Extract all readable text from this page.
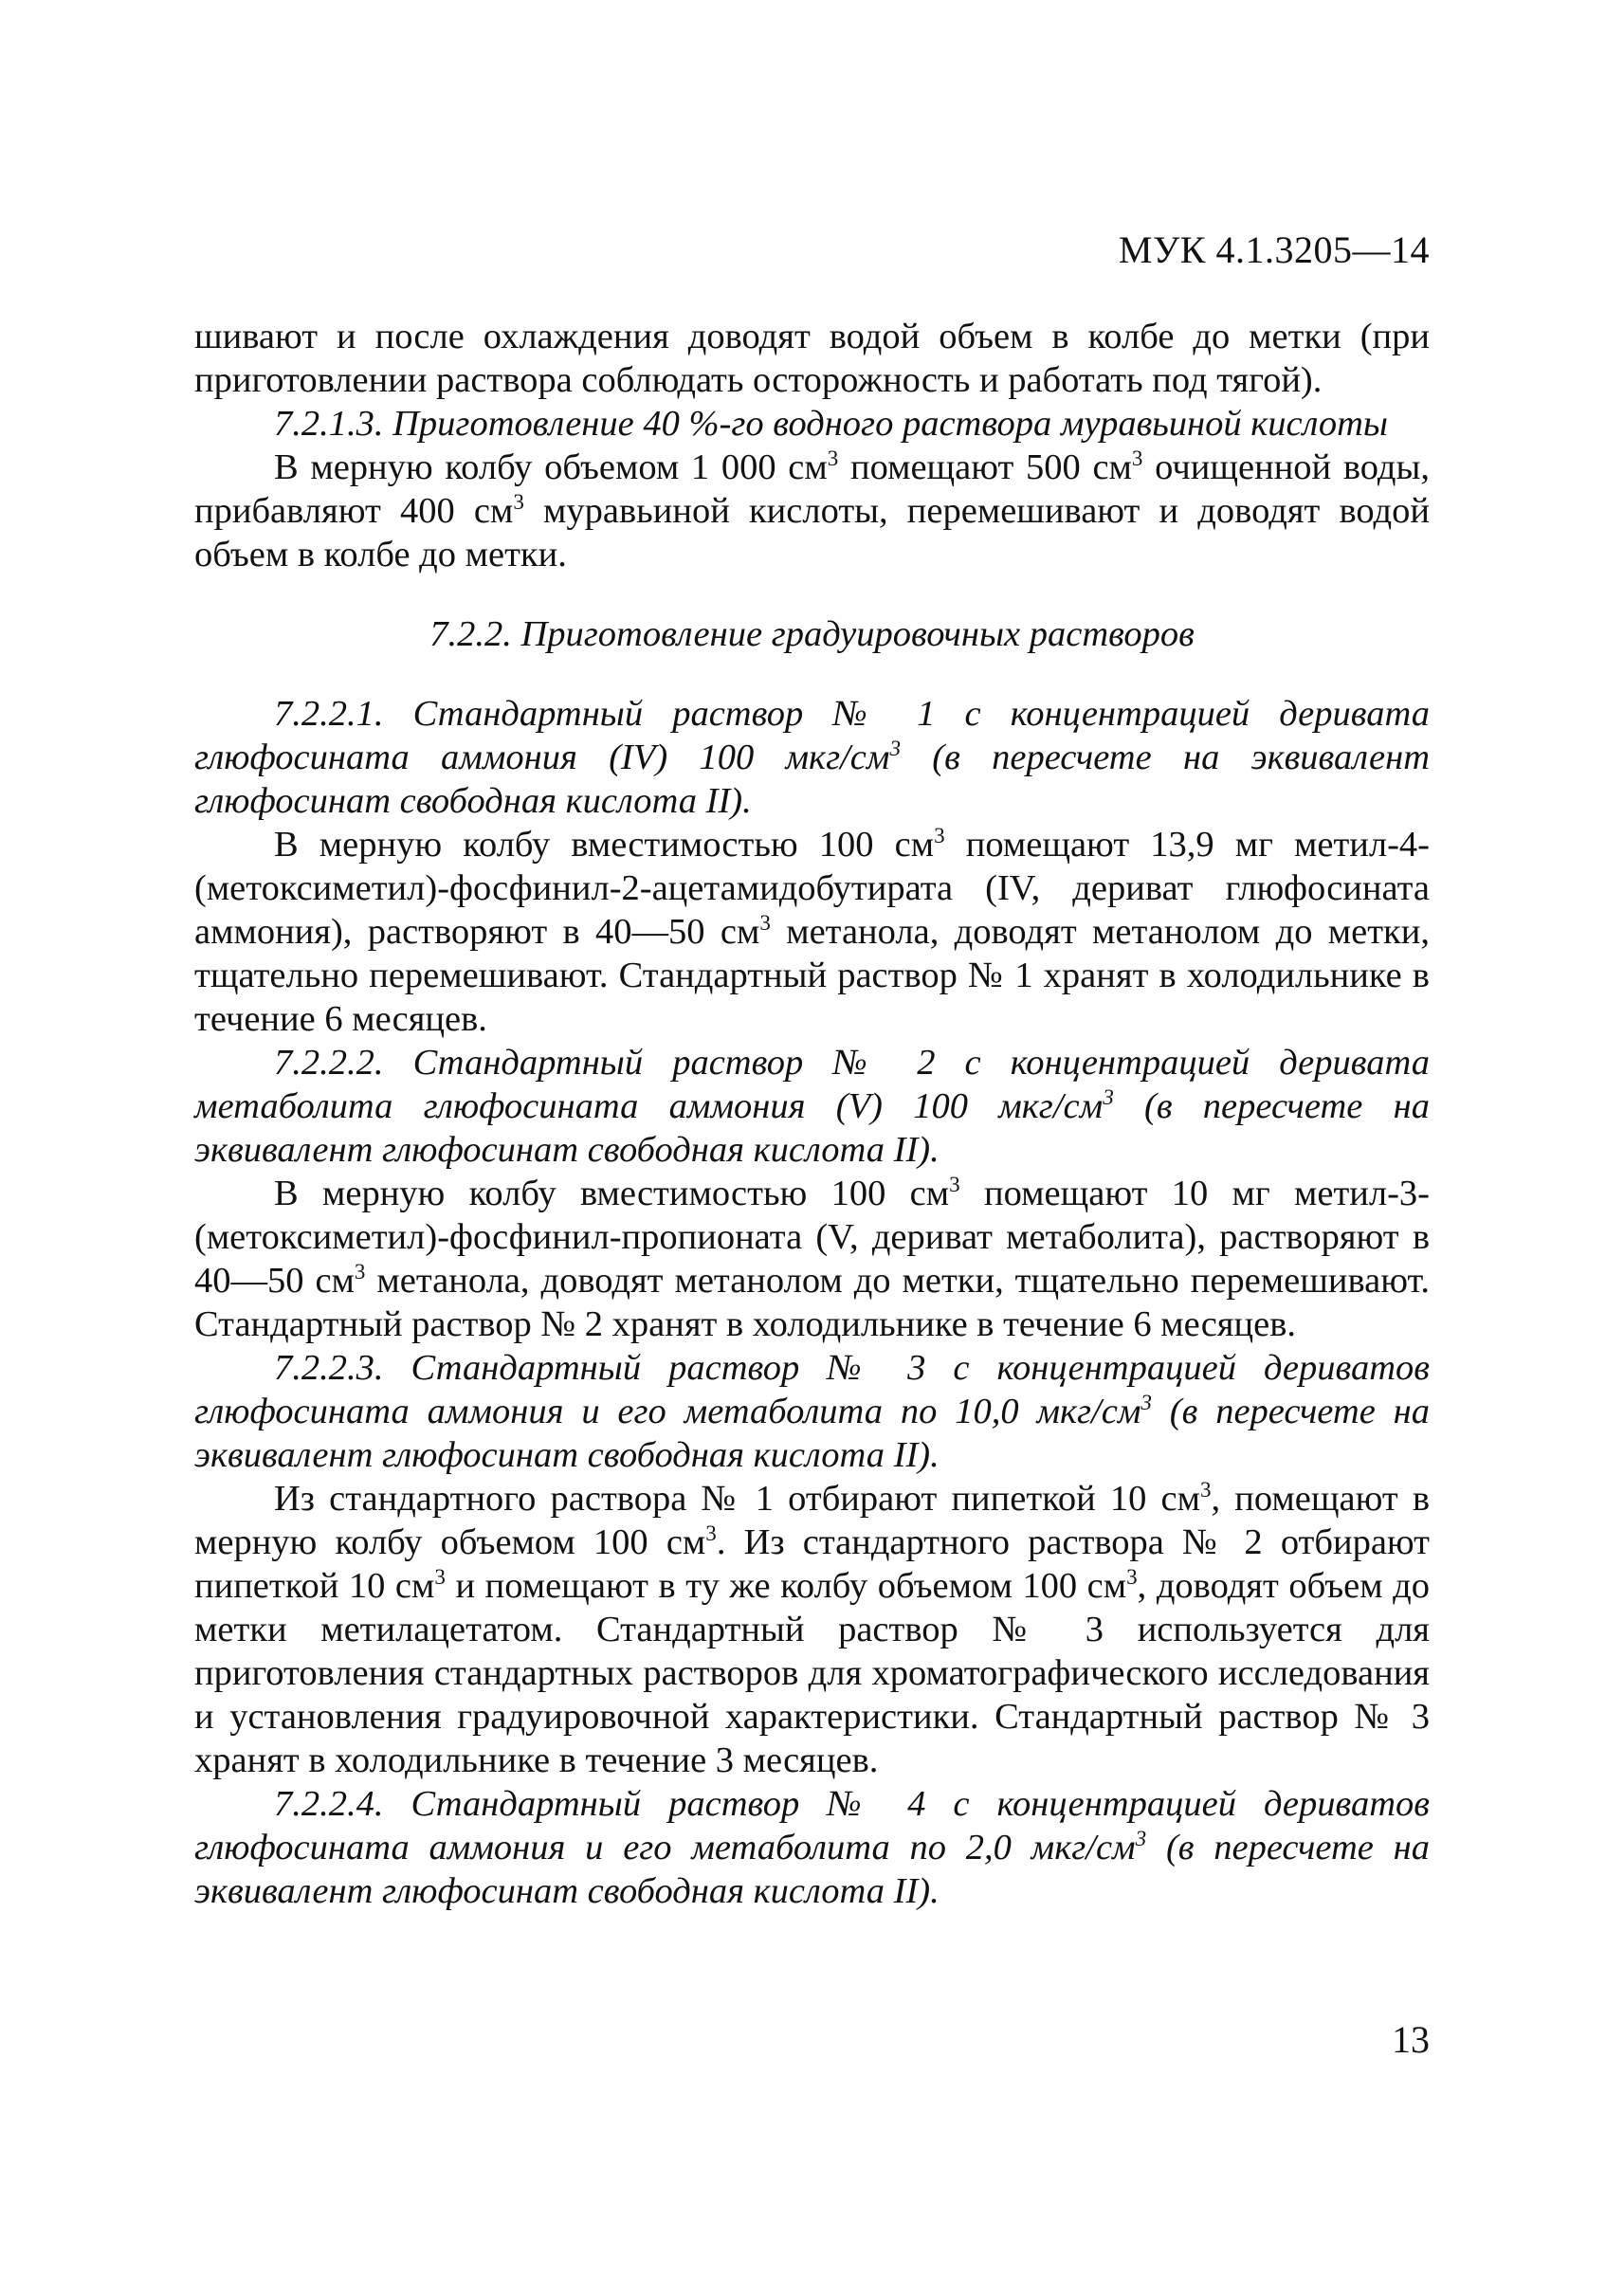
МУК 4.1.3205—14

шивают и после охлаждения доводят водой объем в колбе до метки (при приготовлении раствора соблюдать осторожность и работать под тягой).

7.2.1.3. Приготовление 40 %-го водного раствора муравьиной кислоты

В мерную колбу объемом 1 000 $см^3$ помещают 500 $см^3$ очищенной воды, прибавляют 400 $см^3$ муравьиной кислоты, перемешивают и доводят водой объем в колбе до метки.

7.2.2. Приготовление градуировочных растворов

7.2.2.1. Стандартный раствор № 1 с концентрацией деривата глюфосината аммония (IV) 100 мкг/$см^3$ (в пересчете на эквивалент глюфосинат свободная кислота II).

В мерную колбу вместимостью 100 $см^3$ помещают 13,9 мг метил-4-(метоксиметил)-фосфинил-2-ацетамидобутирата (IV, дериват глюфосината аммония), растворяют в 40—50 $см^3$ метанола, доводят метанолом до метки, тщательно перемешивают. Стандартный раствор № 1 хранят в холодильнике в течение 6 месяцев.

7.2.2.2. Стандартный раствор № 2 с концентрацией деривата метаболита глюфосината аммония (V) 100 мкг/$см^3$ (в пересчете на эквивалент глюфосинат свободная кислота II).

В мерную колбу вместимостью 100 $см^3$ помещают 10 мг метил-3-(метоксиметил)-фосфинил-пропионата (V, дериват метаболита), растворяют в 40—50 $см^3$ метанола, доводят метанолом до метки, тщательно перемешивают. Стандартный раствор № 2 хранят в холодильнике в течение 6 месяцев.

7.2.2.3. Стандартный раствор № 3 с концентрацией дериватов глюфосината аммония и его метаболита по 10,0 мкг/$см^3$ (в пересчете на эквивалент глюфосинат свободная кислота II).

Из стандартного раствора № 1 отбирают пипеткой 10 $см^3$, помещают в мерную колбу объемом 100 $см^3$. Из стандартного раствора № 2 отбирают пипеткой 10 $см^3$ и помещают в ту же колбу объемом 100 $см^3$, доводят объем до метки метилацетатом. Стандартный раствор № 3 используется для приготовления стандартных растворов для хроматографического исследования и установления градуировочной характеристики. Стандартный раствор № 3 хранят в холодильнике в течение 3 месяцев.

7.2.2.4. Стандартный раствор № 4 с концентрацией дериватов глюфосината аммония и его метаболита по 2,0 мкг/$см^3$ (в пересчете на эквивалент глюфосинат свободная кислота II).

13
